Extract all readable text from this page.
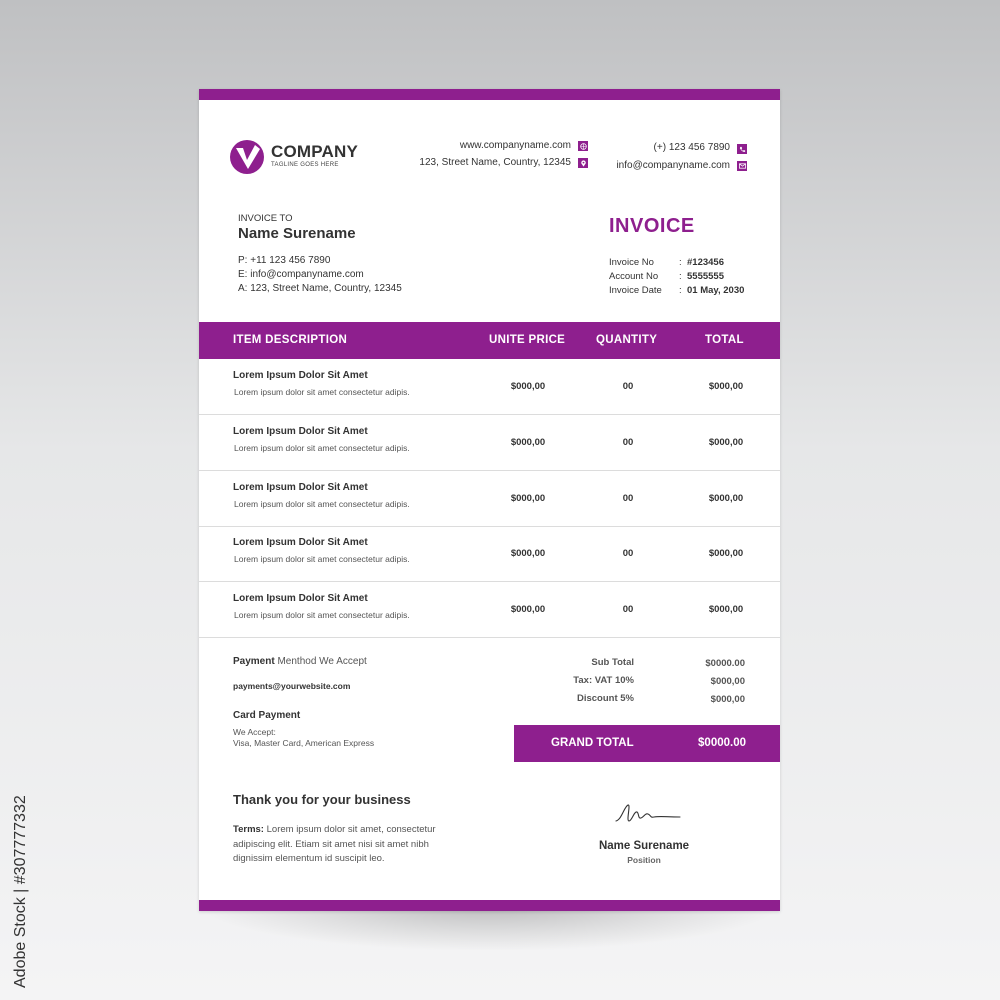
COMPANY
TAGLINE GOES HERE
www.companyname.com
123, Street Name, Country, 12345
(+) 123 456 7890
info@companyname.com
INVOICE TO
Name Surename
P: +11 123 456 7890
E: info@companyname.com
A: 123, Street Name, Country, 12345
INVOICE
Invoice No	: #123456
Account No : 5555555
Invoice Date : 01 May, 2030
ITEM DESCRIPTION	UNITE PRICE	QUANTITY	TOTAL
Lorem Ipsum Dolor Sit Amet
Lorem ipsum dolor sit amet consectetur adipis.	$000,00	00	$000,00
Lorem Ipsum Dolor Sit Amet
Lorem ipsum dolor sit amet consectetur adipis.	$000,00	00	$000,00
Lorem Ipsum Dolor Sit Amet
Lorem ipsum dolor sit amet consectetur adipis.	$000,00	00	$000,00
Lorem Ipsum Dolor Sit Amet
Lorem ipsum dolor sit amet consectetur adipis.	$000,00	00	$000,00
Lorem Ipsum Dolor Sit Amet
Lorem ipsum dolor sit amet consectetur adipis.	$000,00	00	$000,00
Payment Menthod We Accept
payments@yourwebsite.com
Card Payment
We Accept:
Visa, Master Card, American Express
Sub Total	$0000.00
Tax: VAT 10%	$000,00
Discount 5%	$000,00
GRAND TOTAL	$0000.00
Thank you for your business
Terms: Lorem ipsum dolor sit amet, consectetur adipiscing elit. Etiam sit amet nisi sit amet nibh dignissim elementum id suscipit leo.
Name Surename
Position
Adobe Stock | #307777332
